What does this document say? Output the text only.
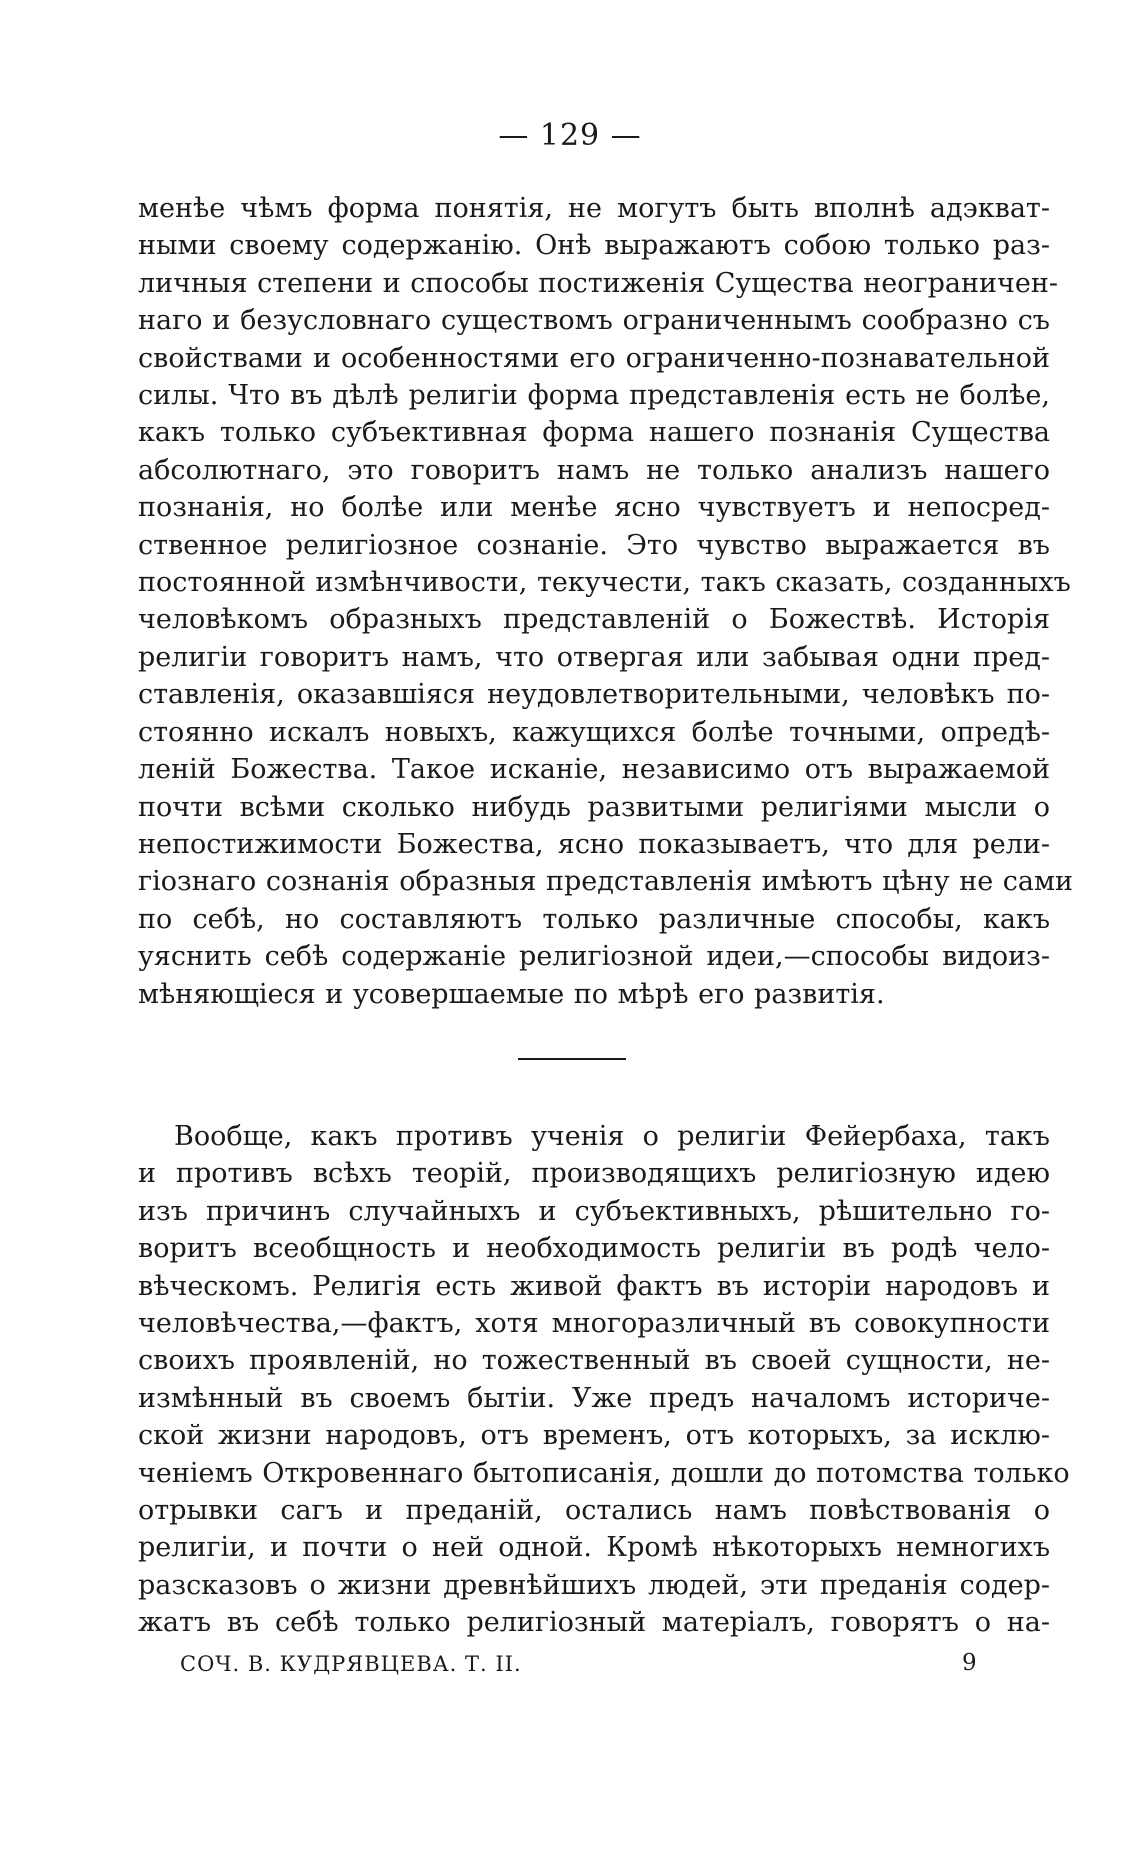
— 129 —
менѣе чѣмъ форма понятія, не могутъ быть вполнѣ адэкват-
ными своему содержанію. Онѣ выражаютъ собою только раз-
личныя степени и способы постиженія Существа неограничен-
наго и безусловнаго существомъ ограниченнымъ сообразно съ
свойствами и особенностями его ограниченно-познавательной
силы. Что въ дѣлѣ религіи форма представленія есть не болѣе,
какъ только субъективная форма нашего познанія Существа
абсолютнаго, это говоритъ намъ не только анализъ нашего
познанія, но болѣе или менѣе ясно чувствуетъ и непосред-
ственное религіозное сознаніе. Это чувство выражается въ
постоянной измѣнчивости, текучести, такъ сказать, созданныхъ
человѣкомъ образныхъ представленій о Божествѣ. Исторія
религіи говоритъ намъ, что отвергая или забывая одни пред-
ставленія, оказавшіяся неудовлетворительными, человѣкъ по-
стоянно искалъ новыхъ, кажущихся болѣе точными, опредѣ-
леній Божества. Такое исканіе, независимо отъ выражаемой
почти всѣми сколько нибудь развитыми религіями мысли о
непостижимости Божества, ясно показываетъ, что для рели-
гіознаго сознанія образныя представленія имѣютъ цѣну не сами
по себѣ, но составляютъ только различные способы, какъ
уяснить себѣ содержаніе религіозной идеи,—способы видоиз-
мѣняющіеся и усовершаемые по мѣрѣ его развитія.
Вообще, какъ противъ ученія о религіи Фейербаха, такъ
и противъ всѣхъ теорій, производящихъ религіозную идею
изъ причинъ случайныхъ и субъективныхъ, рѣшительно го-
воритъ всеобщность и необходимость религіи въ родѣ чело-
вѣческомъ. Религія есть живой фактъ въ исторіи народовъ и
человѣчества,—фактъ, хотя многоразличный въ совокупности
своихъ проявленій, но тожественный въ своей сущности, не-
измѣнный въ своемъ бытіи. Уже предъ началомъ историче-
ской жизни народовъ, отъ временъ, отъ которыхъ, за исклю-
ченіемъ Откровеннаго бытописанія, дошли до потомства только
отрывки сагъ и преданій, остались намъ повѣствованія о
религіи, и почти о ней одной. Кромѣ нѣкоторыхъ немногихъ
разсказовъ о жизни древнѣйшихъ людей, эти преданія содер-
жатъ въ себѣ только религіозный матеріалъ, говорятъ о на-
СОЧ. В. КУДРЯВЦЕВА. Т. II.	9
